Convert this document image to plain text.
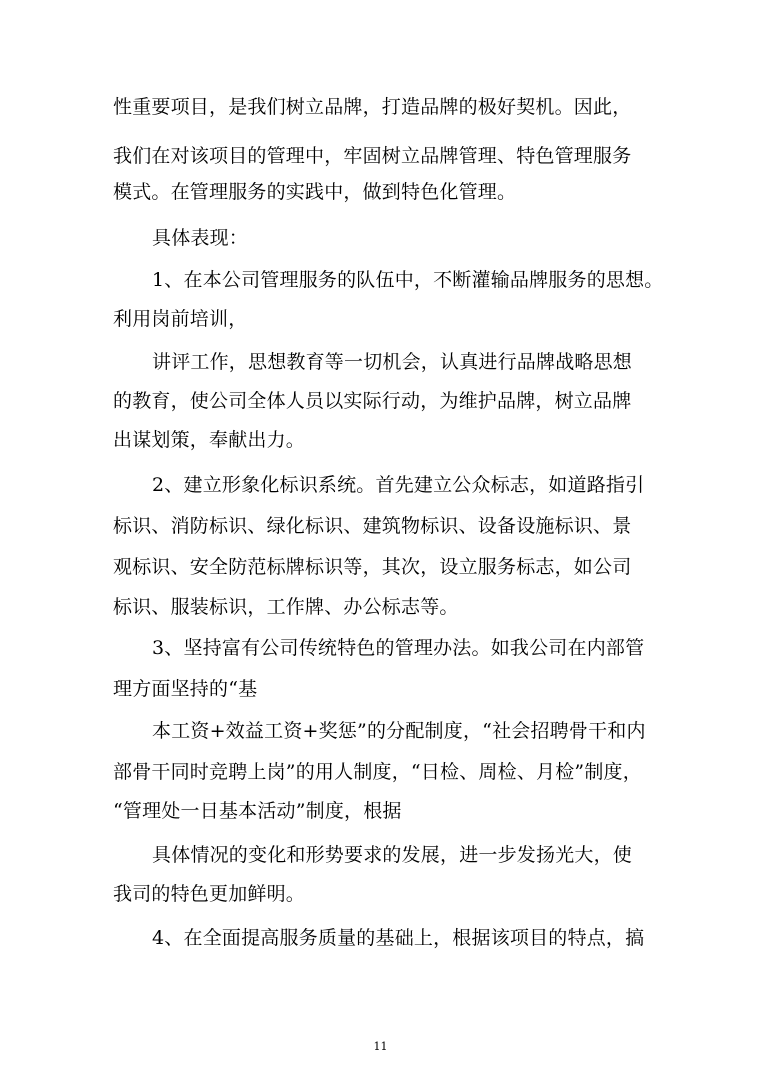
性重要项目，是我们树立品牌，打造品牌的极好契机。因此，
我们在对该项目的管理中，牢固树立品牌管理、特色管理服务
模式。在管理服务的实践中，做到特色化管理。
具体表现：
1、在本公司管理服务的队伍中，不断灌输品牌服务的思想。
利用岗前培训，
讲评工作，思想教育等一切机会，认真进行品牌战略思想
的教育，使公司全体人员以实际行动，为维护品牌，树立品牌
出谋划策，奉献出力。
2、建立形象化标识系统。首先建立公众标志，如道路指引
标识、消防标识、绿化标识、建筑物标识、设备设施标识、景
观标识、安全防范标牌标识等，其次，设立服务标志，如公司
标识、服装标识，工作牌、办公标志等。
3、坚持富有公司传统特色的管理办法。如我公司在内部管
理方面坚持的“基
本工资+效益工资+奖惩”的分配制度，“社会招聘骨干和内
部骨干同时竞聘上岗”的用人制度，“日检、周检、月检”制度，
“管理处一日基本活动”制度，根据
具体情况的变化和形势要求的发展，进一步发扬光大，使
我司的特色更加鲜明。
4、在全面提高服务质量的基础上，根据该项目的特点，搞
11
